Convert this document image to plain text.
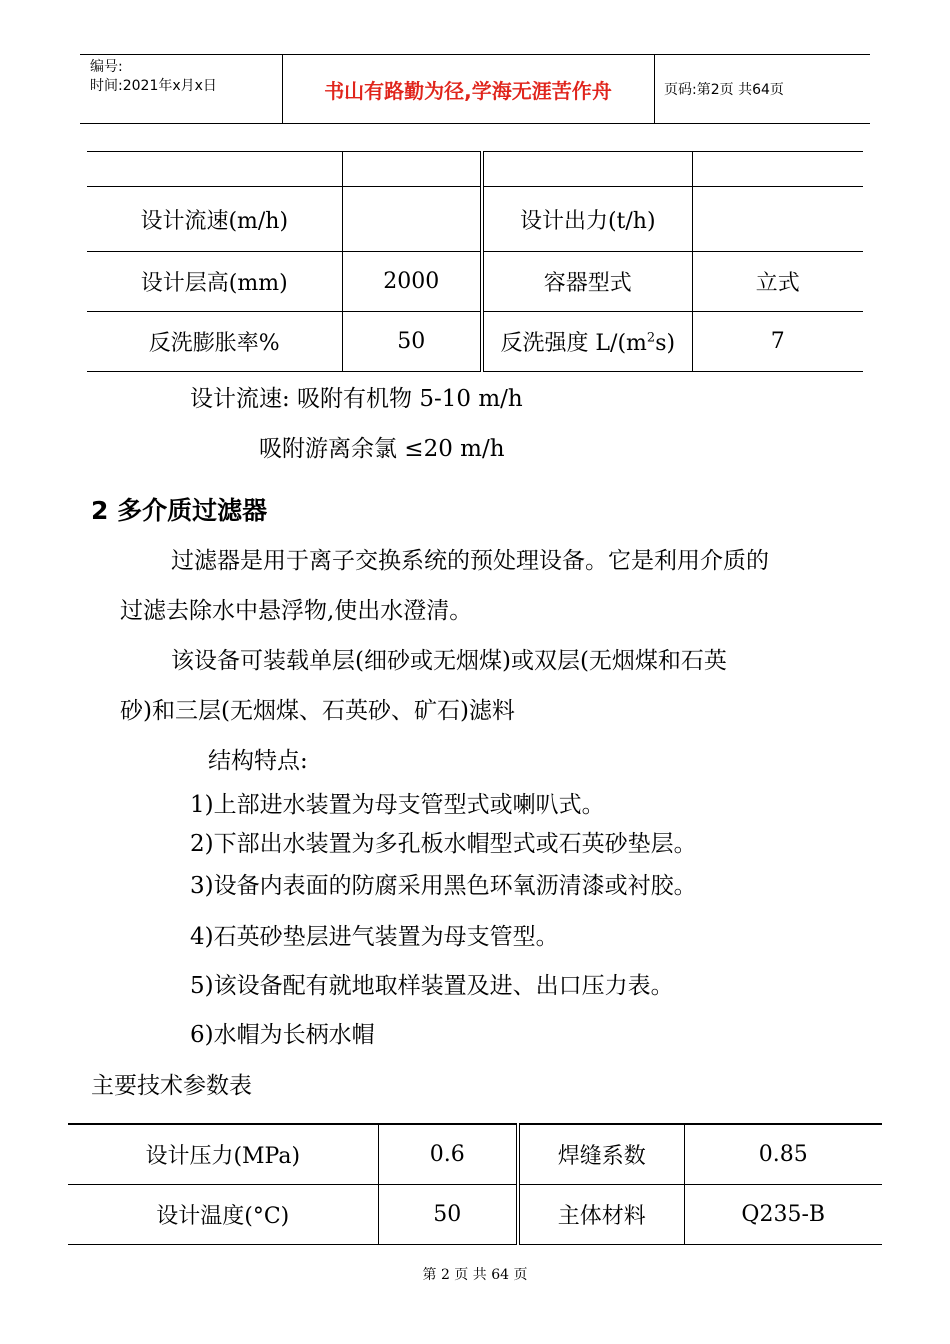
编号:
时间:2021年x月x日	书山有路勤为径,学海无涯苦作舟	页码:第2页 共64页

设计流速(m/h)		设计出力(t/h)	
设计层高(mm)	2000	容器型式	立式
反洗膨胀率%	50	反洗强度 $L/(m^2s)$	7
设计流速: 吸附有机物 5-10 m/h
吸附游离余氯 ≤20 m/h
2 多介质过滤器
过滤器是用于离子交换系统的预处理设备。它是利用介质的
过滤去除水中悬浮物,使出水澄清。
该设备可装载单层(细砂或无烟煤)或双层(无烟煤和石英
砂)和三层(无烟煤、石英砂、矿石)滤料
结构特点:
1)上部进水装置为母支管型式或喇叭式。
2)下部出水装置为多孔板水帽型式或石英砂垫层。
3)设备内表面的防腐采用黑色环氧沥清漆或衬胶。
4)石英砂垫层进气装置为母支管型。
5)该设备配有就地取样装置及进、出口压力表。
6)水帽为长柄水帽
主要技术参数表
设计压力(MPa)	0.6	焊缝系数	0.85
设计温度(°C)	50	主体材料	Q235-B
第 2 页 共 64 页
